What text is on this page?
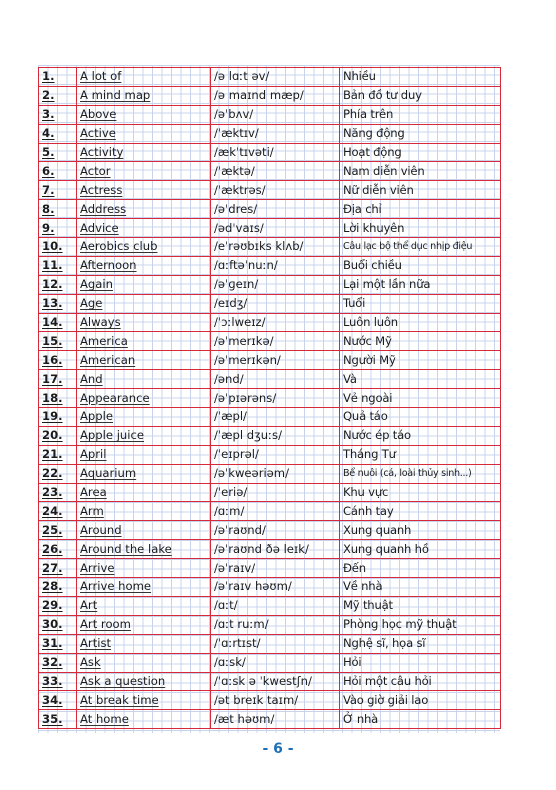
1.	A lot of	/ə lɑːt əv/	Nhiều
2.	A mind map	/ə maɪnd mæp/	Bản đồ tư duy
3.	Above	/əˈbʌv/	Phía trên
4.	Active	/ˈæktɪv/	Năng động
5.	Activity	/ækˈtɪvəti/	Hoạt động
6.	Actor	/ˈæktə/	Nam diễn viên
7.	Actress	/ˈæktrəs/	Nữ diễn viên
8.	Address	/əˈdres/	Địa chỉ
9.	Advice	/ədˈvaɪs/	Lời khuyên
10.	Aerobics club	/eˈrəʊbɪks klʌb/	Câu lạc bộ thể dục nhịp điệu
11.	Afternoon	/ɑːftəˈnuːn/	Buổi chiều
12.	Again	/əˈɡeɪn/	Lại một lần nữa
13.	Age	/eɪdʒ/	Tuổi
14.	Always	/ˈɔːlweɪz/	Luôn luôn
15.	America	/əˈmerɪkə/	Nước Mỹ
16.	American	/əˈmerɪkən/	Người Mỹ
17.	And	/ənd/	Và
18.	Appearance	/əˈpɪərəns/	Vẻ ngoài
19.	Apple	/ˈæpl/	Quả táo
20.	Apple juice	/ˈæpl dʒuːs/	Nước ép táo
21.	April	/ˈeɪprəl/	Tháng Tư
22.	Aquarium	/əˈkweəriəm/	Bể nuôi (cá, loài thủy sinh...)
23.	Area	/ˈeriə/	Khu vực
24.	Arm	/ɑːm/	Cánh tay
25.	Around	/əˈraʊnd/	Xung quanh
26.	Around the lake	/əˈraʊnd ðə leɪk/	Xung quanh hồ
27.	Arrive	/əˈraɪv/	Đến
28.	Arrive home	/əˈraɪv həʊm/	Về nhà
29.	Art	/ɑːt/	Mỹ thuật
30.	Art room	/ɑːt ruːm/	Phòng học mỹ thuật
31.	Artist	/ˈɑːrtɪst/	Nghệ sĩ, họa sĩ
32.	Ask	/ɑːsk/	Hỏi
33.	Ask a question	/ˈɑːsk ə ˈkwestʃn/	Hỏi một câu hỏi
34.	At break time	/ət breɪk taɪm/	Vào giờ giải lao
35.	At home	/æt həʊm/	Ở nhà
- 6 -
